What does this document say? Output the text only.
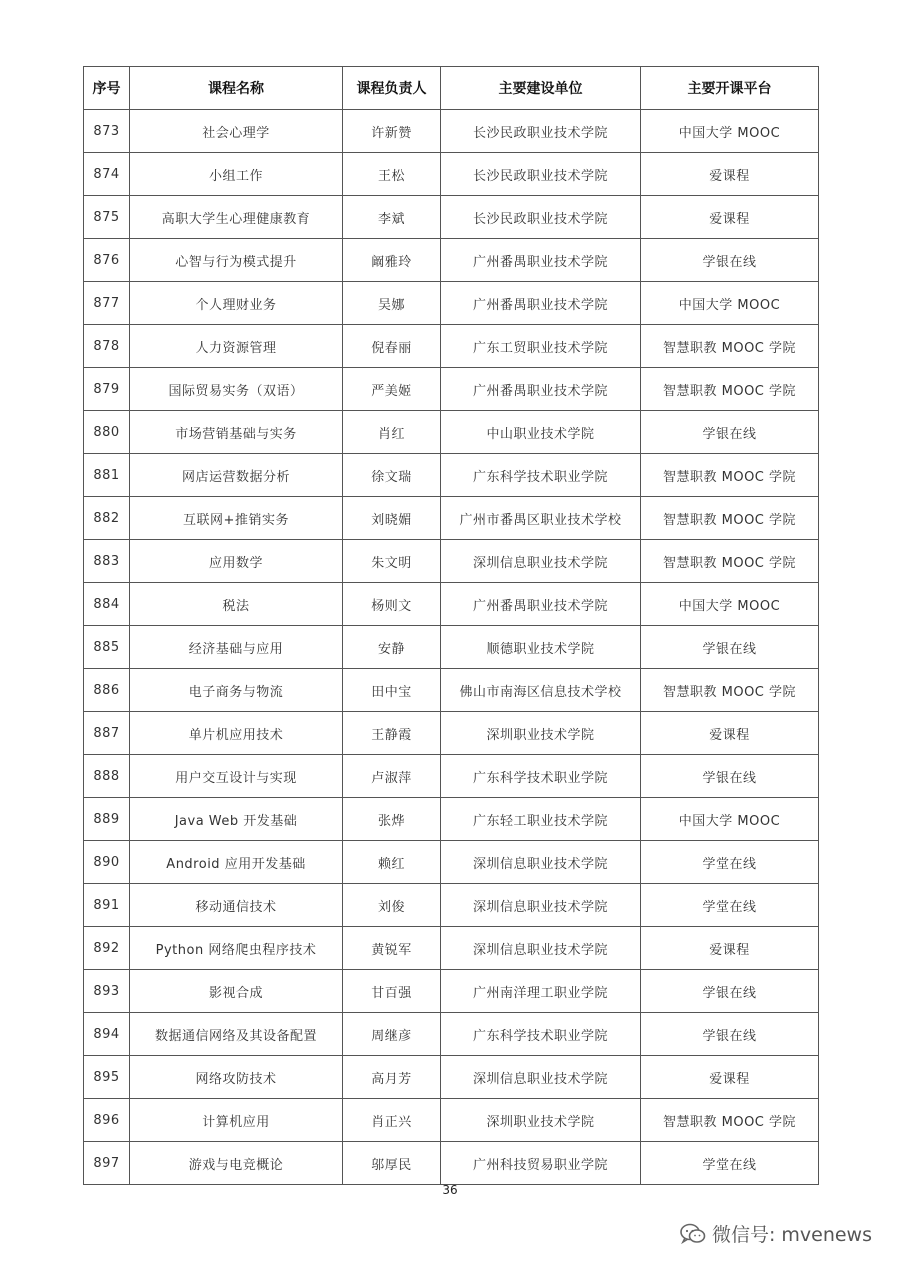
序号	课程名称	课程负责人	主要建设单位	主要开课平台
873	社会心理学	许新赞	长沙民政职业技术学院	中国大学 MOOC
874	小组工作	王松	长沙民政职业技术学院	爱课程
875	高职大学生心理健康教育	李斌	长沙民政职业技术学院	爱课程
876	心智与行为模式提升	阚雅玲	广州番禺职业技术学院	学银在线
877	个人理财业务	吴娜	广州番禺职业技术学院	中国大学 MOOC
878	人力资源管理	倪春丽	广东工贸职业技术学院	智慧职教 MOOC 学院
879	国际贸易实务（双语）	严美姬	广州番禺职业技术学院	智慧职教 MOOC 学院
880	市场营销基础与实务	肖红	中山职业技术学院	学银在线
881	网店运营数据分析	徐文瑞	广东科学技术职业学院	智慧职教 MOOC 学院
882	互联网+推销实务	刘晓媚	广州市番禺区职业技术学校	智慧职教 MOOC 学院
883	应用数学	朱文明	深圳信息职业技术学院	智慧职教 MOOC 学院
884	税法	杨则文	广州番禺职业技术学院	中国大学 MOOC
885	经济基础与应用	安静	顺德职业技术学院	学银在线
886	电子商务与物流	田中宝	佛山市南海区信息技术学校	智慧职教 MOOC 学院
887	单片机应用技术	王静霞	深圳职业技术学院	爱课程
888	用户交互设计与实现	卢淑萍	广东科学技术职业学院	学银在线
889	Java Web 开发基础	张烨	广东轻工职业技术学院	中国大学 MOOC
890	Android 应用开发基础	赖红	深圳信息职业技术学院	学堂在线
891	移动通信技术	刘俊	深圳信息职业技术学院	学堂在线
892	Python 网络爬虫程序技术	黄锐军	深圳信息职业技术学院	爱课程
893	影视合成	甘百强	广州南洋理工职业学院	学银在线
894	数据通信网络及其设备配置	周继彦	广东科学技术职业学院	学银在线
895	网络攻防技术	高月芳	深圳信息职业技术学院	爱课程
896	计算机应用	肖正兴	深圳职业技术学院	智慧职教 MOOC 学院
897	游戏与电竞概论	邬厚民	广州科技贸易职业学院	学堂在线
36
微信号: mvenews
